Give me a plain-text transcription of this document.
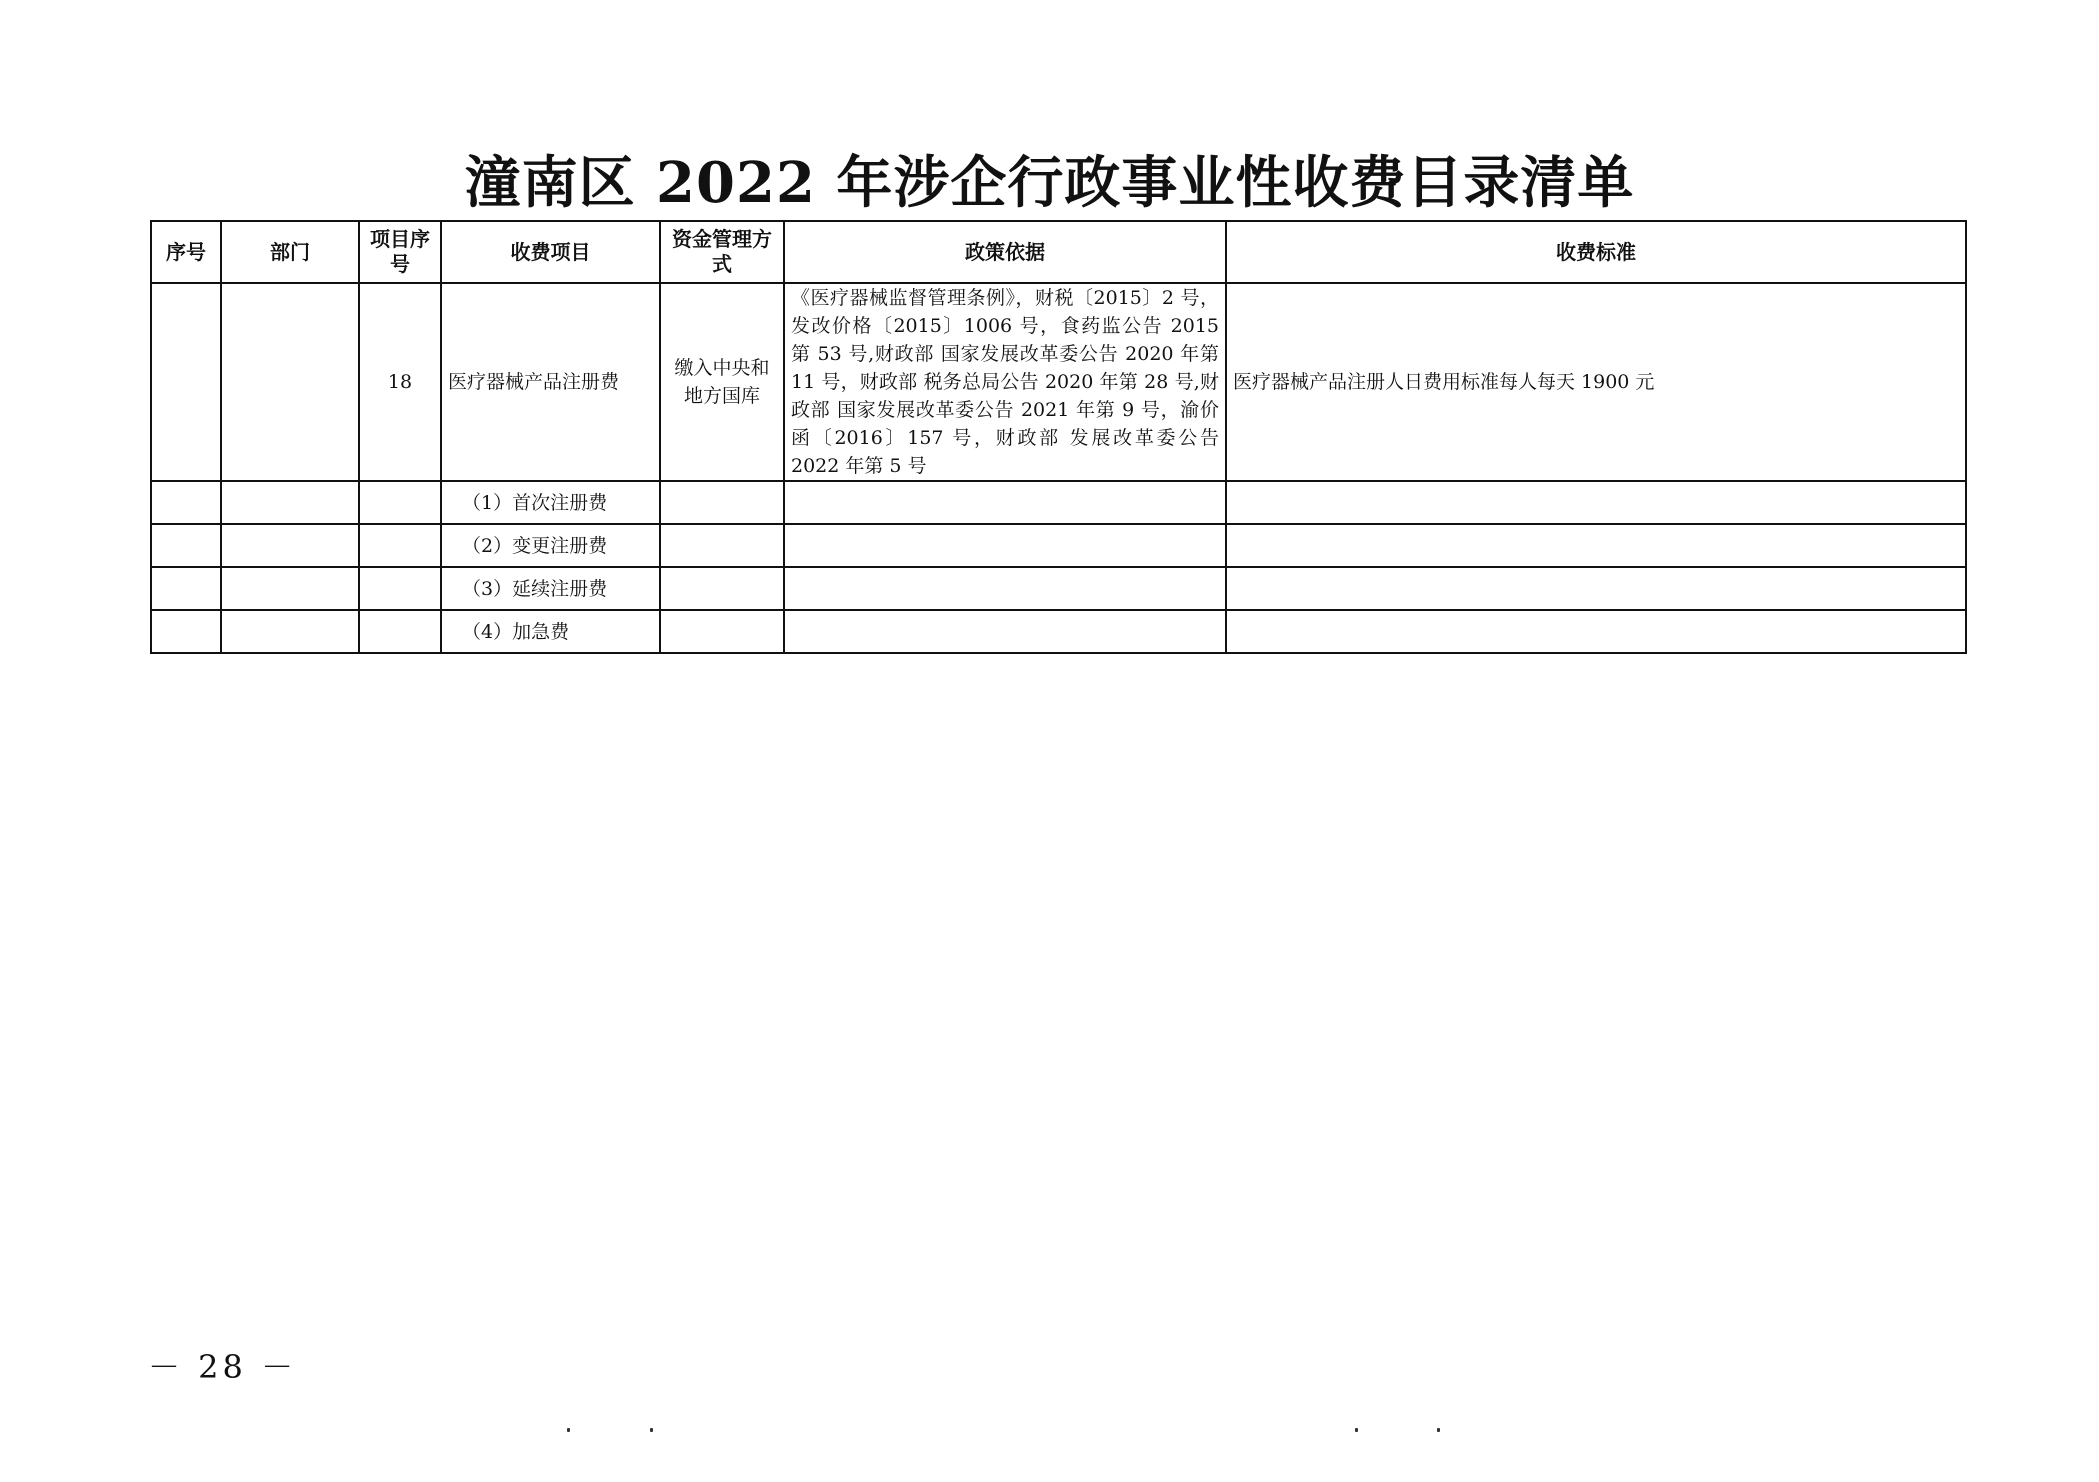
潼南区 2022 年涉企行政事业性收费目录清单
序号	部门	项目序号	收费项目	资金管理方式	政策依据	收费标准
		18	医疗器械产品注册费	缴入中央和地方国库	《医疗器械监督管理条例》，财税〔2015〕2 号，发改价格〔2015〕1006 号，食药监公告 2015 第 53 号,财政部 国家发展改革委公告 2020 年第 11 号，财政部 税务总局公告 2020 年第 28 号,财政部 国家发展改革委公告 2021 年第 9 号，渝价函〔2016〕157 号，财政部 发展改革委公告 2022 年第 5 号	医疗器械产品注册人日费用标准每人每天 1900 元
			（1）首次注册费			
			（2）变更注册费			
			（3）延续注册费			
			（4）加急费			
－ 28 －
